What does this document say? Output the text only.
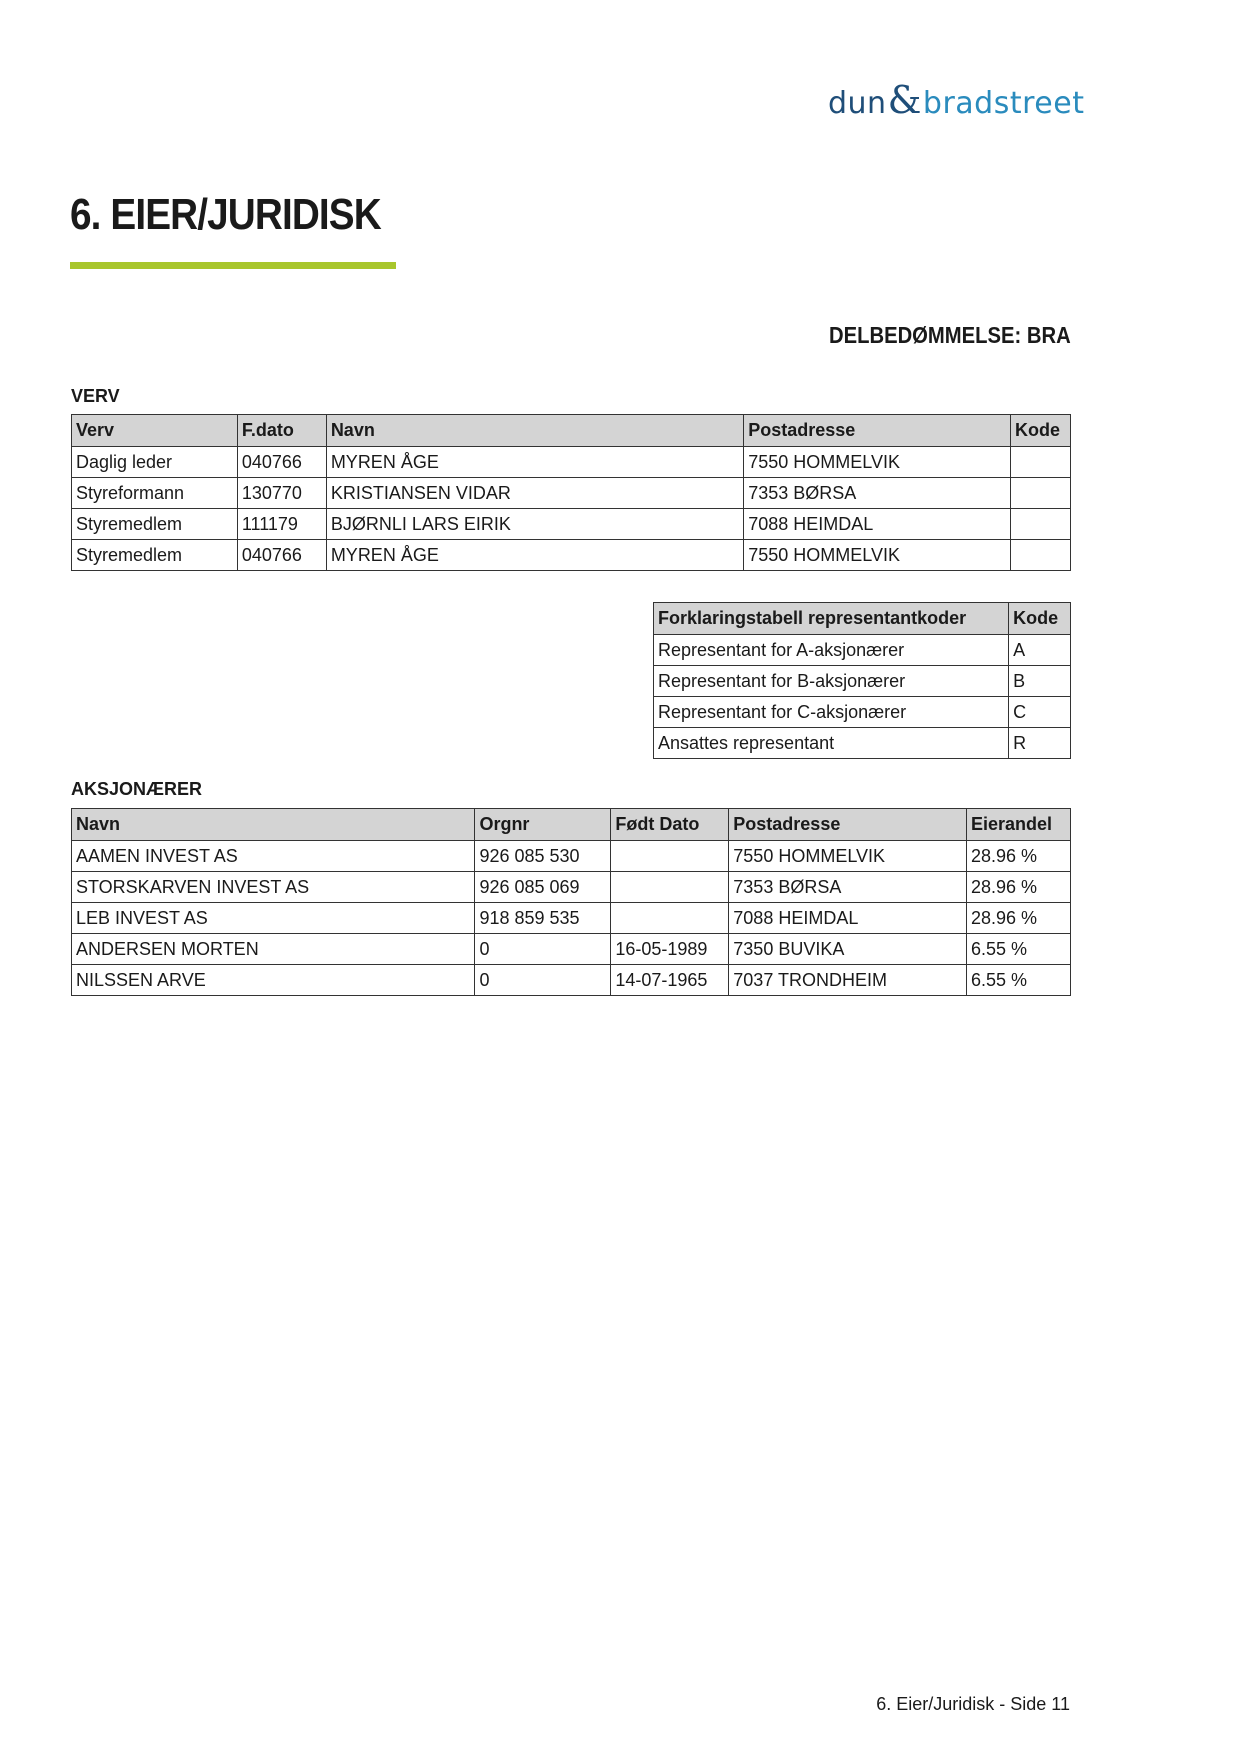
dun&bradstreet
6. EIER/JURIDISK
DELBEDØMMELSE: BRA
VERV
Verv	F.dato	Navn	Postadresse	Kode
Daglig leder	040766	MYREN ÅGE	7550 HOMMELVIK	
Styreformann	130770	KRISTIANSEN VIDAR	7353 BØRSA	
Styremedlem	111179	BJØRNLI LARS EIRIK	7088 HEIMDAL	
Styremedlem	040766	MYREN ÅGE	7550 HOMMELVIK	
Forklaringstabell representantkoder	Kode
Representant for A-aksjonærer	A
Representant for B-aksjonærer	B
Representant for C-aksjonærer	C
Ansattes representant	R
AKSJONÆRER
Navn	Orgnr	Født Dato	Postadresse	Eierandel
AAMEN INVEST AS	926 085 530		7550 HOMMELVIK	28.96 %
STORSKARVEN INVEST AS	926 085 069		7353 BØRSA	28.96 %
LEB INVEST AS	918 859 535		7088 HEIMDAL	28.96 %
ANDERSEN MORTEN	0	16-05-1989	7350 BUVIKA	6.55 %
NILSSEN ARVE	0	14-07-1965	7037 TRONDHEIM	6.55 %
6. Eier/Juridisk - Side 11
